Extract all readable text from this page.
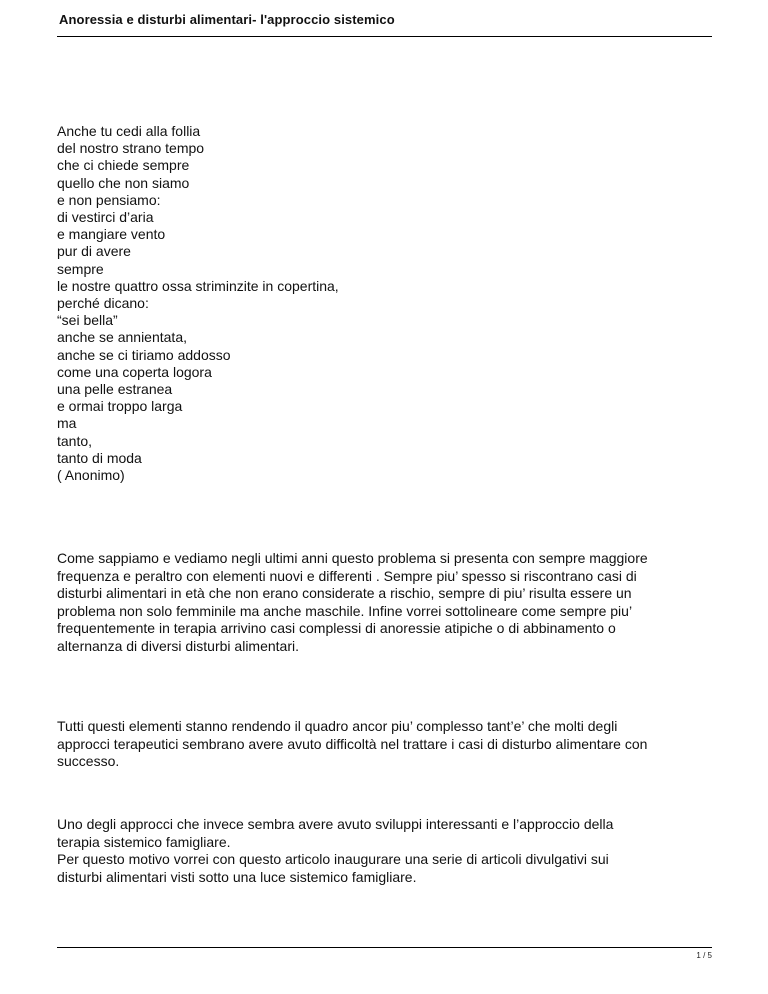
Anoressia e disturbi alimentari- l'approccio sistemico
Anche tu cedi alla follia
del nostro strano tempo
che ci chiede sempre
quello che non siamo
e non pensiamo:
di vestirci d’aria
e mangiare vento
pur di avere
sempre
le nostre quattro ossa striminzite in copertina,
perché dicano:
“sei bella”
anche se annientata,
anche se ci tiriamo addosso
come una coperta logora
una pelle estranea
e ormai troppo larga
ma
tanto,
tanto di moda
( Anonimo)

Come sappiamo e vediamo negli ultimi anni questo problema si presenta con sempre maggiore
frequenza e peraltro con elementi nuovi e differenti . Sempre piu’ spesso si riscontrano casi di
disturbi alimentari in età che non erano considerate a rischio, sempre di piu’ risulta essere un
problema non solo femminile ma anche maschile. Infine vorrei sottolineare come sempre piu’
frequentemente in terapia arrivino casi complessi di anoressie atipiche o di abbinamento o
alternanza di diversi disturbi alimentari.

Tutti questi elementi stanno rendendo il quadro ancor piu’ complesso tant’e’ che molti degli
approcci terapeutici sembrano avere avuto difficoltà nel trattare i casi di disturbo alimentare con
successo.

Uno degli approcci che invece sembra avere avuto sviluppi interessanti e l’approccio della
terapia sistemico famigliare.
Per questo motivo vorrei con questo articolo inaugurare una serie di articoli divulgativi sui
disturbi alimentari visti sotto una luce sistemico famigliare.

1 / 5
